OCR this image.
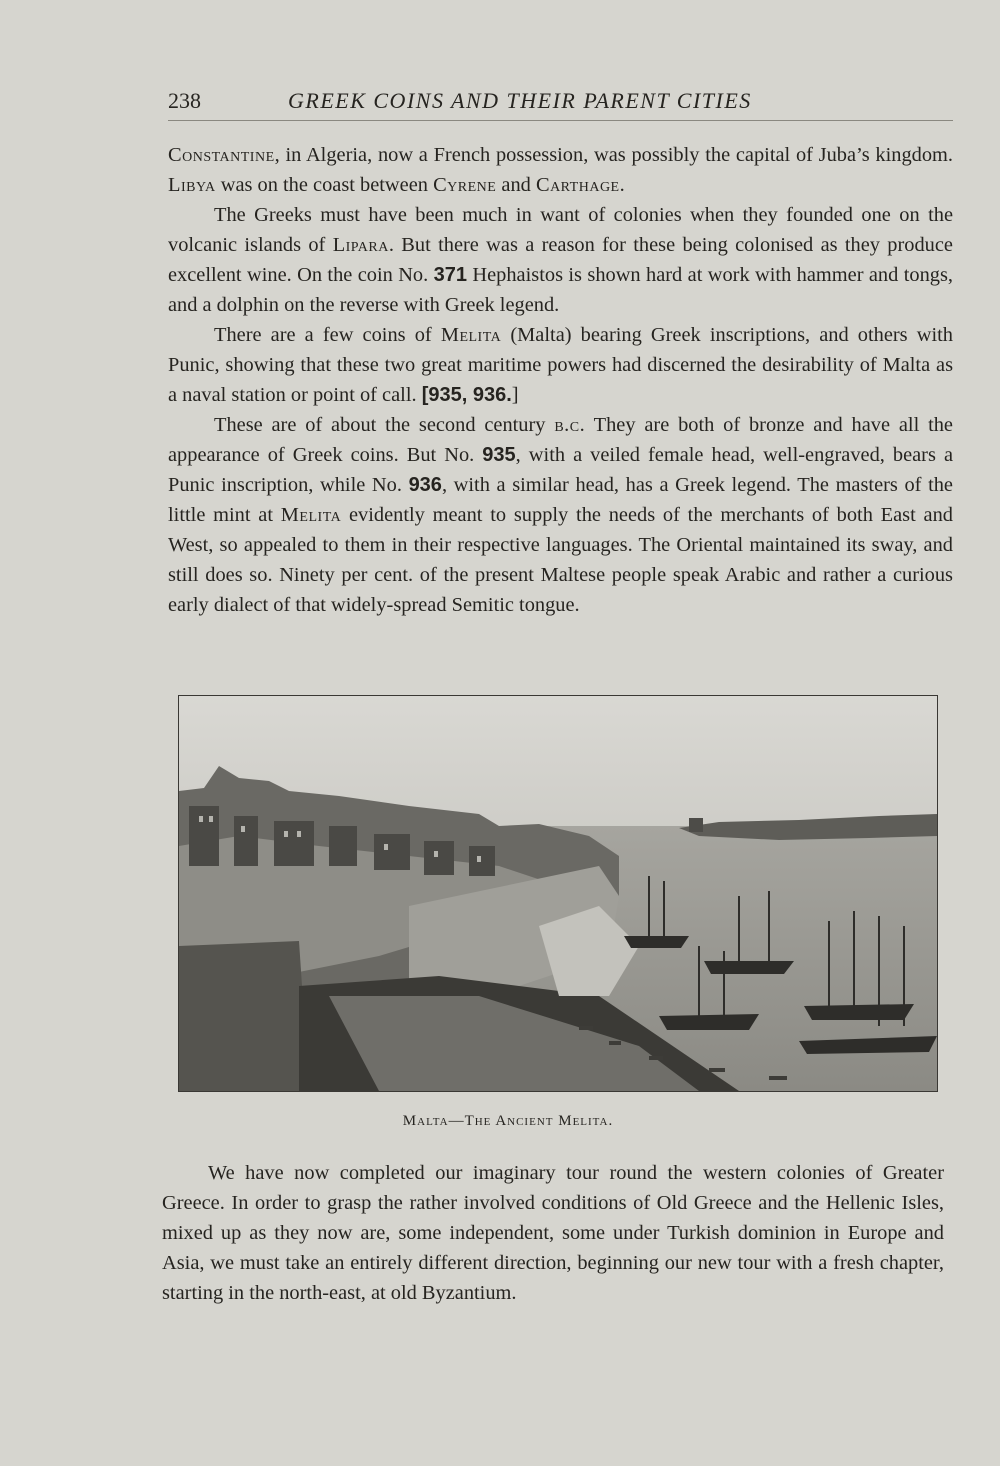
238	GREEK COINS AND THEIR PARENT CITIES

Constantine, in Algeria, now a French possession, was possibly the capital of Juba’s kingdom. Libya was on the coast between Cyrene and Carthage.

The Greeks must have been much in want of colonies when they founded one on the volcanic islands of Lipara. But there was a reason for these being colonised as they produce excellent wine. On the coin No. 371 Hephaistos is shown hard at work with hammer and tongs, and a dolphin on the reverse with Greek legend.

There are a few coins of Melita (Malta) bearing Greek inscriptions, and others with Punic, showing that these two great maritime powers had discerned the desirability of Malta as a naval station or point of call. [935, 936.]

These are of about the second century b.c. They are both of bronze and have all the appearance of Greek coins. But No. 935, with a veiled female head, well-engraved, bears a Punic inscription, while No. 936, with a similar head, has a Greek legend. The masters of the little mint at Melita evidently meant to supply the needs of the merchants of both East and West, so appealed to them in their respective languages. The Oriental maintained its sway, and still does so. Ninety per cent. of the present Maltese people speak Arabic and rather a curious early dialect of that widely-spread Semitic tongue.

Malta—The Ancient Melita.

We have now completed our imaginary tour round the western colonies of Greater Greece. In order to grasp the rather involved conditions of Old Greece and the Hellenic Isles, mixed up as they now are, some independent, some under Turkish dominion in Europe and Asia, we must take an entirely different direction, beginning our new tour with a fresh chapter, starting in the north-east, at old Byzantium.
